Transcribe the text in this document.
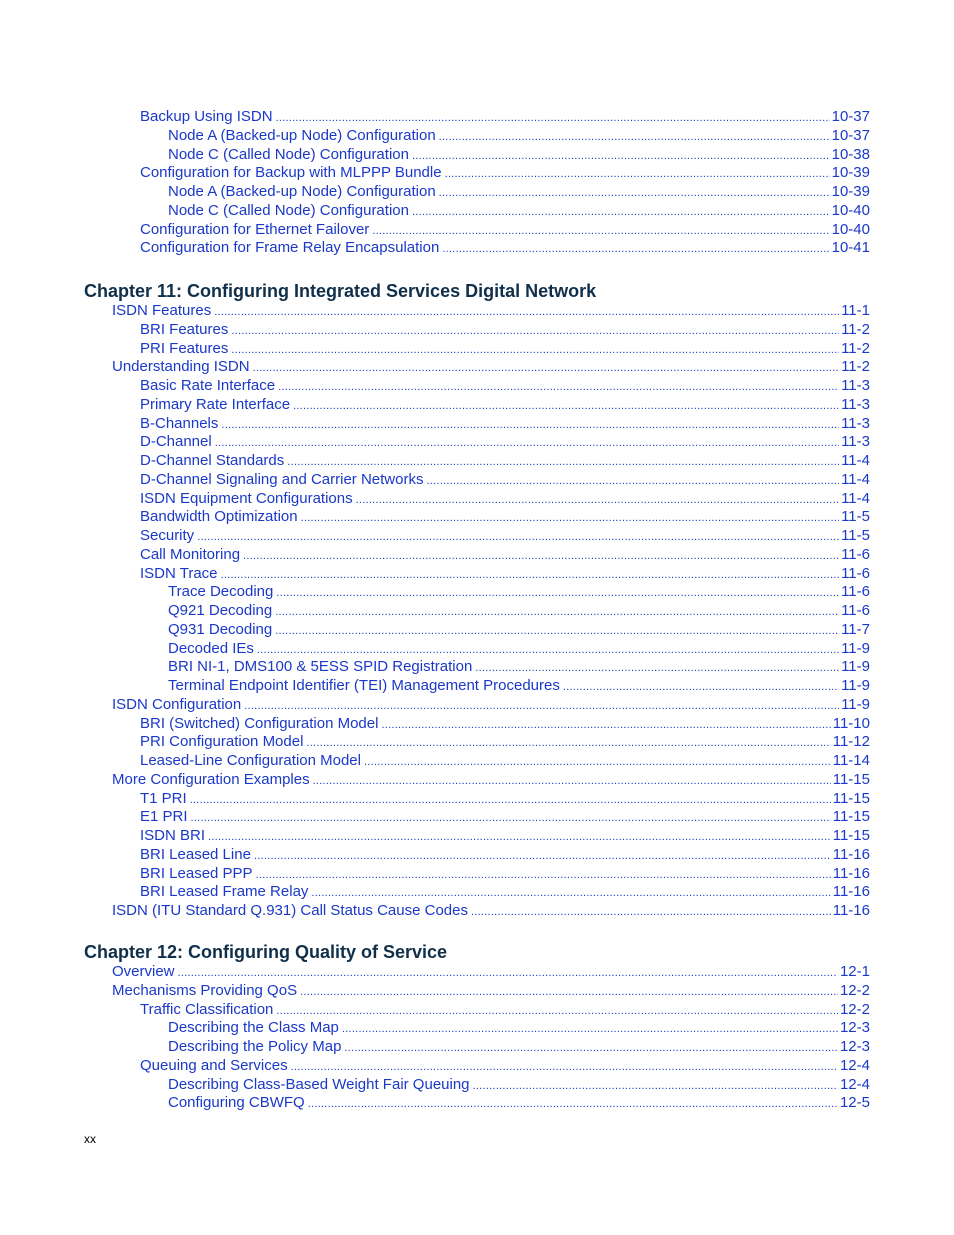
Backup Using ISDN . . .	10-37
Node A (Backed-up Node) Configuration . . .	10-37
Node C (Called Node) Configuration . . .	10-38
Configuration for Backup with MLPPP Bundle . . .	10-39
Node A (Backed-up Node) Configuration . . .	10-39
Node C (Called Node) Configuration . . .	10-40
Configuration for Ethernet Failover . . .	10-40
Configuration for Frame Relay Encapsulation . . .	10-41
Chapter 11: Configuring Integrated Services Digital Network
ISDN Features . . .	11-1
BRI Features . . .	11-2
PRI Features . . .	11-2
Understanding ISDN . . .	11-2
Basic Rate Interface . . .	11-3
Primary Rate Interface . . .	11-3
B-Channels . . .	11-3
D-Channel . . .	11-3
D-Channel Standards . . .	11-4
D-Channel Signaling and Carrier Networks . . .	11-4
ISDN Equipment Configurations . . .	11-4
Bandwidth Optimization . . .	11-5
Security . . .	11-5
Call Monitoring . . .	11-6
ISDN Trace . . .	11-6
Trace Decoding . . .	11-6
Q921 Decoding . . .	11-6
Q931 Decoding . . .	11-7
Decoded IEs . . .	11-9
BRI NI-1, DMS100 & 5ESS SPID Registration . . .	11-9
Terminal Endpoint Identifier (TEI) Management Procedures . . .	11-9
ISDN Configuration . . .	11-9
BRI (Switched) Configuration Model . . .	11-10
PRI Configuration Model . . .	11-12
Leased-Line Configuration Model . . .	11-14
More Configuration Examples . . .	11-15
T1 PRI . . .	11-15
E1 PRI . . .	11-15
ISDN BRI . . .	11-15
BRI Leased Line . . .	11-16
BRI Leased PPP . . .	11-16
BRI Leased Frame Relay . . .	11-16
ISDN (ITU Standard Q.931) Call Status Cause Codes . . .	11-16
Chapter 12: Configuring Quality of Service
Overview . . .	12-1
Mechanisms Providing QoS . . .	12-2
Traffic Classification . . .	12-2
Describing the Class Map . . .	12-3
Describing the Policy Map . . .	12-3
Queuing and Services . . .	12-4
Describing Class-Based Weight Fair Queuing . . .	12-4
Configuring CBWFQ . . .	12-5
xx
